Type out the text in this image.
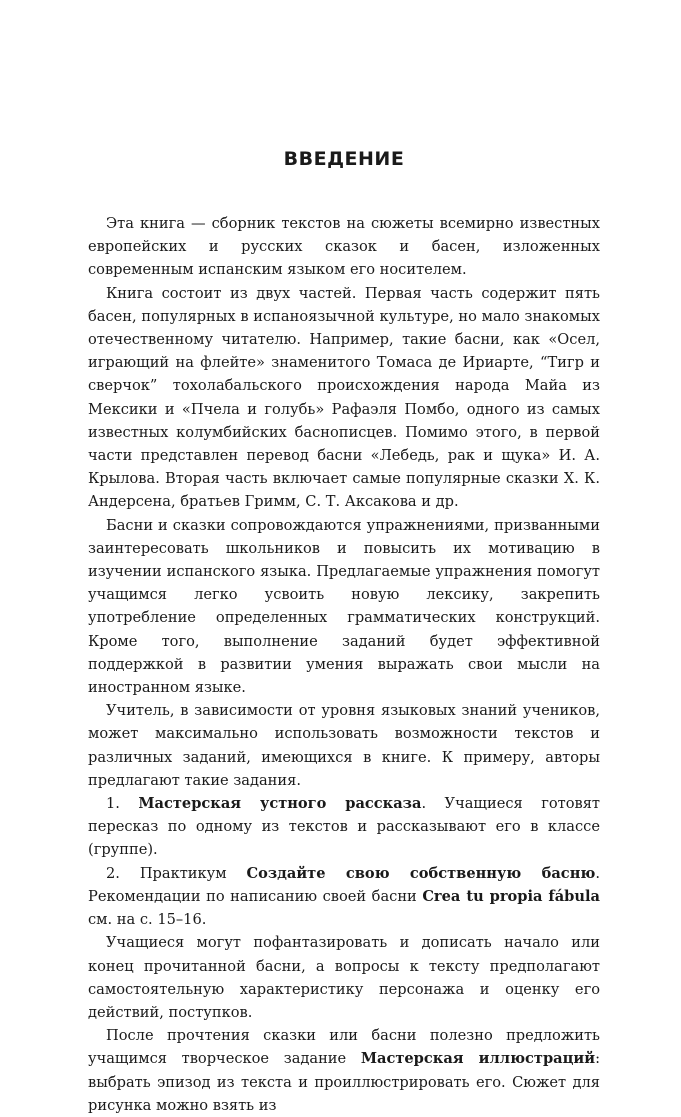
ВВЕДЕНИЕ

Эта книга — сборник текстов на сюжеты всемирно известных европейских и русских сказок и басен, изложенных современным испанским языком его носителем.

Книга состоит из двух частей. Первая часть содержит пять басен, популярных в испаноязычной культуре, но мало знакомых отечественному читателю. Например, такие басни, как «Осел, играющий на флейте» знаменитого Томаса де Ириарте, “Тигр и сверчок” тохолабальского происхождения народа Майа из Мексики и «Пчела и голубь» Рафаэля Помбо, одного из самых известных колумбийских баснописцев. Помимо этого, в первой части представлен перевод басни «Лебедь, рак и щука» И. А. Крылова. Вторая часть включает самые популярные сказки Х. К. Андерсена, братьев Гримм, С. Т. Аксакова и др.

Басни и сказки сопровождаются упражнениями, призванными заинтересовать школьников и повысить их мотивацию в изучении испанского языка. Предлагаемые упражнения помогут учащимся легко усвоить новую лексику, закрепить употребление определенных грамматических конструкций. Кроме того, выполнение заданий будет эффективной поддержкой в развитии умения выражать свои мысли на иностранном языке.

Учитель, в зависимости от уровня языковых знаний учеников, может максимально использовать возможности текстов и различных заданий, имеющихся в книге. К примеру, авторы предлагают такие задания.

1. Мастерская устного рассказа. Учащиеся готовят пересказ по одному из текстов и рассказывают его в классе (группе).

2. Практикум Создайте свою собственную басню. Рекомендации по написанию своей басни Crea tu propia fábula см. на с. 15–16.

Учащиеся могут пофантазировать и дописать начало или конец прочитанной басни, а вопросы к тексту предполагают самостоятельную характеристику персонажа и оценку его действий, поступков.

После прочтения сказки или басни полезно предложить учащимся творческое задание Мастерская иллюстраций: выбрать эпизод из текста и проиллюстрировать его. Сюжет для рисунка можно взять из
